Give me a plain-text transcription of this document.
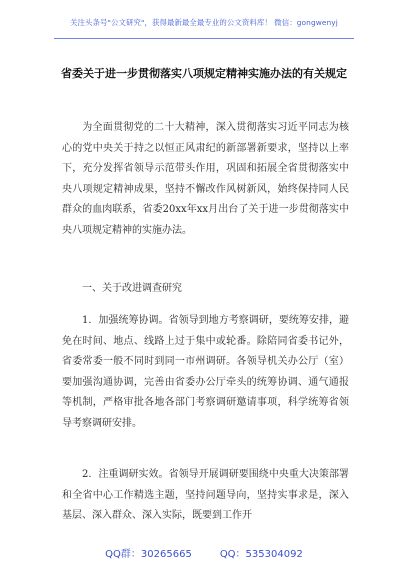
关注头条号"公文研究"，获得最新最全最专业的公文资料库！ 微信：gongwenyj
省委关于进一步贯彻落实八项规定精神实施办法的有关规定
为全面贯彻党的二十大精神，深入贯彻落实习近平同志为核心的党中央关于持之以恒正风肃纪的新部署新要求，坚持以上率下，充分发挥省领导示范带头作用，巩固和拓展全省贯彻落实中央八项规定精神成果，坚持不懈改作风树新风，始终保持同人民群众的血肉联系，省委20xx年xx月出台了关于进一步贯彻落实中央八项规定精神的实施办法。
一、关于改进调查研究
1．加强统筹协调。省领导到地方考察调研，要统筹安排，避免在时间、地点、线路上过于集中或轮番。除陪同省委书记外，省委常委一般不同时到同一市州调研。各领导机关办公厅（室）要加强沟通协调，完善由省委办公厅牵头的统筹协调、通气通报等机制，严格审批各地各部门考察调研邀请事项，科学统筹省领导考察调研安排。
2．注重调研实效。省领导开展调研要围绕中央重大决策部署和全省中心工作精选主题，坚持问题导向，坚持实事求是，深入基层、深入群众、深入实际，既要到工作开
QQ群：30265665	QQ：535304092
